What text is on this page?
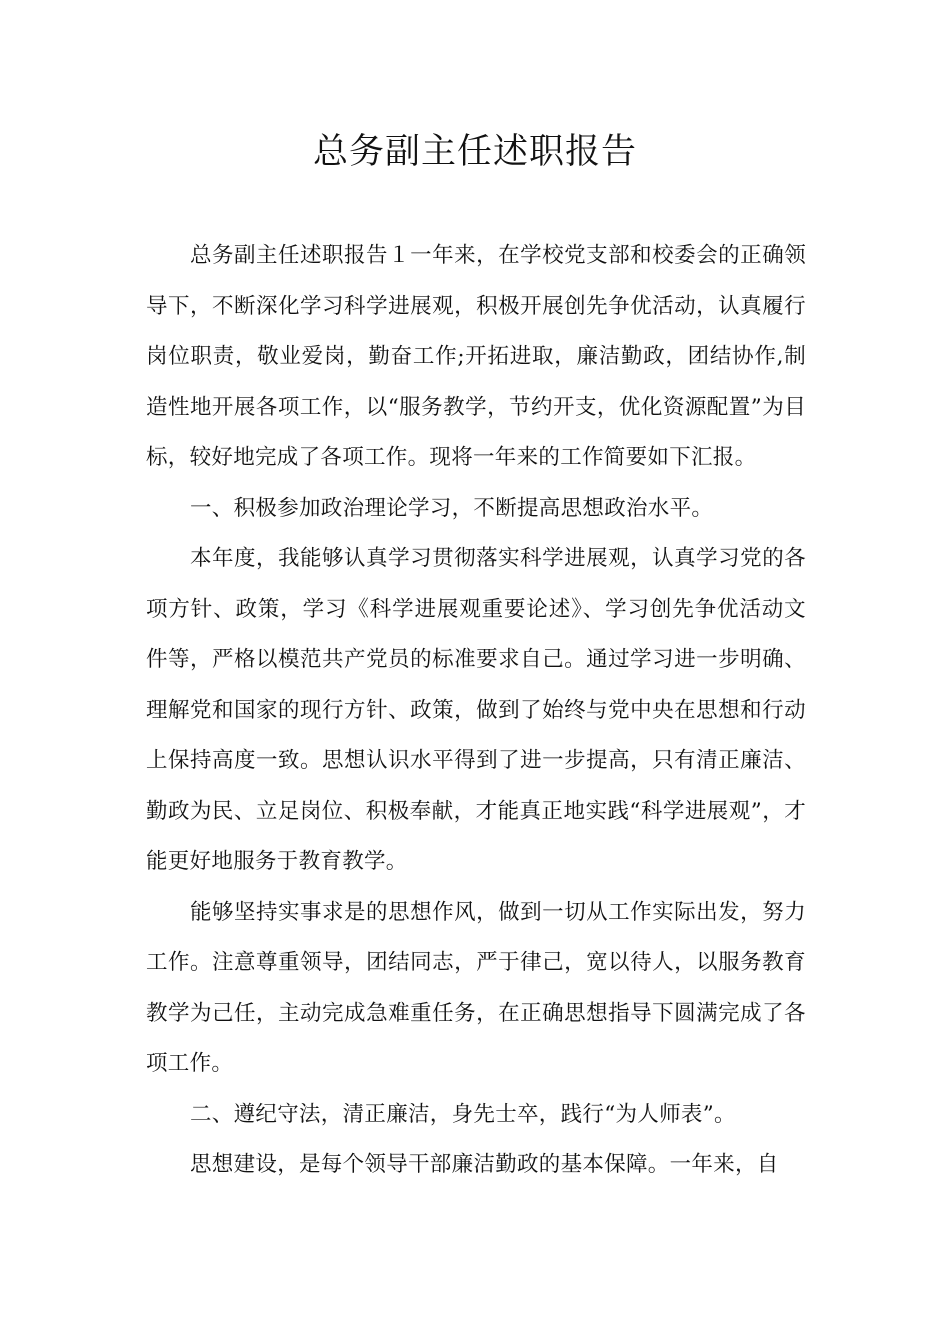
总务副主任述职报告

总务副主任述职报告１一年来，在学校党支部和校委会的正确领导下，不断深化学习科学进展观，积极开展创先争优活动，认真履行岗位职责，敬业爱岗，勤奋工作;开拓进取，廉洁勤政，团结协作,制造性地开展各项工作，以“服务教学，节约开支，优化资源配置”为目标，较好地完成了各项工作。现将一年来的工作简要如下汇报。

一、积极参加政治理论学习，不断提高思想政治水平。

本年度，我能够认真学习贯彻落实科学进展观，认真学习党的各项方针、政策，学习《科学进展观重要论述》、学习创先争优活动文件等，严格以模范共产党员的标准要求自己。通过学习进一步明确、理解党和国家的现行方针、政策，做到了始终与党中央在思想和行动上保持高度一致。思想认识水平得到了进一步提高，只有清正廉洁、勤政为民、立足岗位、积极奉献，才能真正地实践“科学进展观”，才能更好地服务于教育教学。

能够坚持实事求是的思想作风，做到一切从工作实际出发，努力工作。注意尊重领导，团结同志，严于律己，宽以待人，以服务教育教学为己任，主动完成急难重任务，在正确思想指导下圆满完成了各项工作。

二、遵纪守法，清正廉洁，身先士卒，践行“为人师表”。

思想建设，是每个领导干部廉洁勤政的基本保障。一年来，自
